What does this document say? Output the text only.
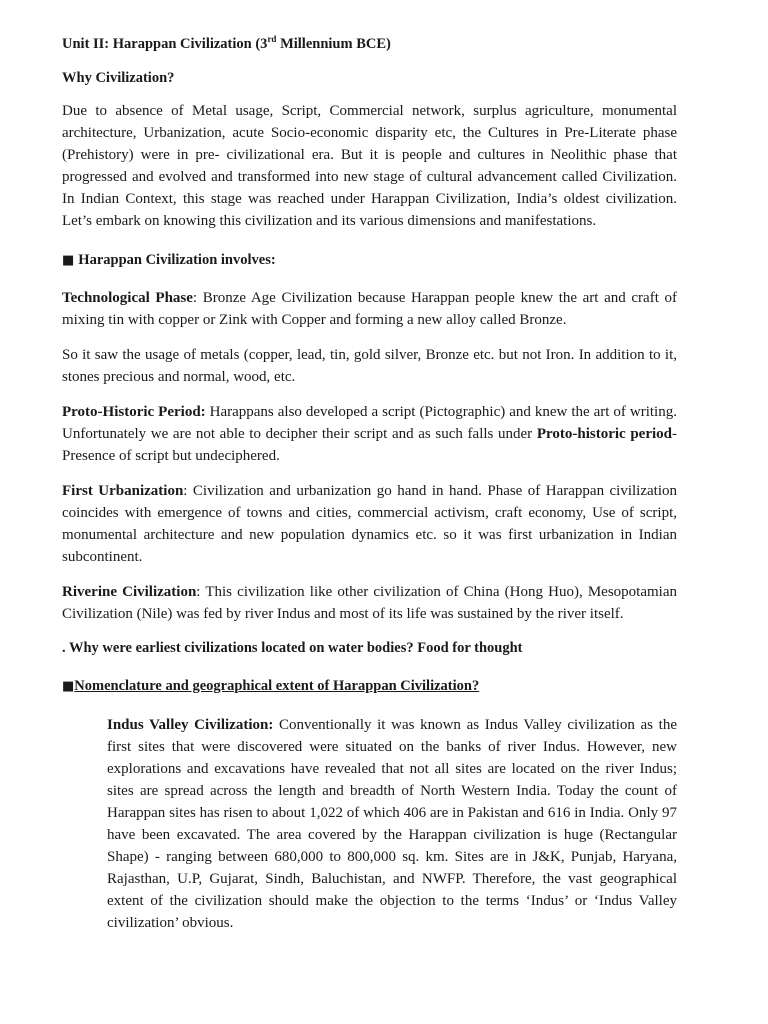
Unit II: Harappan Civilization (3rd Millennium BCE)

Why Civilization?

Due to absence of Metal usage, Script, Commercial network, surplus agriculture, monumental architecture, Urbanization, acute Socio-economic disparity etc, the Cultures in Pre-Literate phase (Prehistory) were in pre- civilizational era. But it is people and cultures in Neolithic phase that progressed and evolved and transformed into new stage of cultural advancement called Civilization. In Indian Context, this stage was reached under Harappan Civilization, India’s oldest civilization. Let’s embark on knowing this civilization and its various dimensions and manifestations.

■ Harappan Civilization involves:

Technological Phase: Bronze Age Civilization because Harappan people knew the art and craft of mixing tin with copper or Zink with Copper and forming a new alloy called Bronze.

So it saw the usage of metals (copper, lead, tin, gold silver, Bronze etc. but not Iron. In addition to it, stones precious and normal, wood, etc.

Proto-Historic Period: Harappans also developed a script (Pictographic) and knew the art of writing. Unfortunately we are not able to decipher their script and as such falls under Proto-historic period-Presence of script but undeciphered.

First Urbanization: Civilization and urbanization go hand in hand. Phase of Harappan civilization coincides with emergence of towns and cities, commercial activism, craft economy, Use of script, monumental architecture and new population dynamics etc. so it was first urbanization in Indian subcontinent.

Riverine Civilization: This civilization like other civilization of China (Hong Huo), Mesopotamian Civilization (Nile) was fed by river Indus and most of its life was sustained by the river itself.

. Why were earliest civilizations located on water bodies? Food for thought

■Nomenclature and geographical extent of Harappan Civilization?

Indus Valley Civilization: Conventionally it was known as Indus Valley civilization as the first sites that were discovered were situated on the banks of river Indus. However, new explorations and excavations have revealed that not all sites are located on the river Indus; sites are spread across the length and breadth of North Western India. Today the count of Harappan sites has risen to about 1,022 of which 406 are in Pakistan and 616 in India. Only 97 have been excavated. The area covered by the Harappan civilization is huge (Rectangular Shape) - ranging between 680,000 to 800,000 sq. km. Sites are in J&K, Punjab, Haryana, Rajasthan, U.P, Gujarat, Sindh, Baluchistan, and NWFP. Therefore, the vast geographical extent of the civilization should make the objection to the terms ‘Indus’ or ‘Indus Valley civilization’ obvious.
